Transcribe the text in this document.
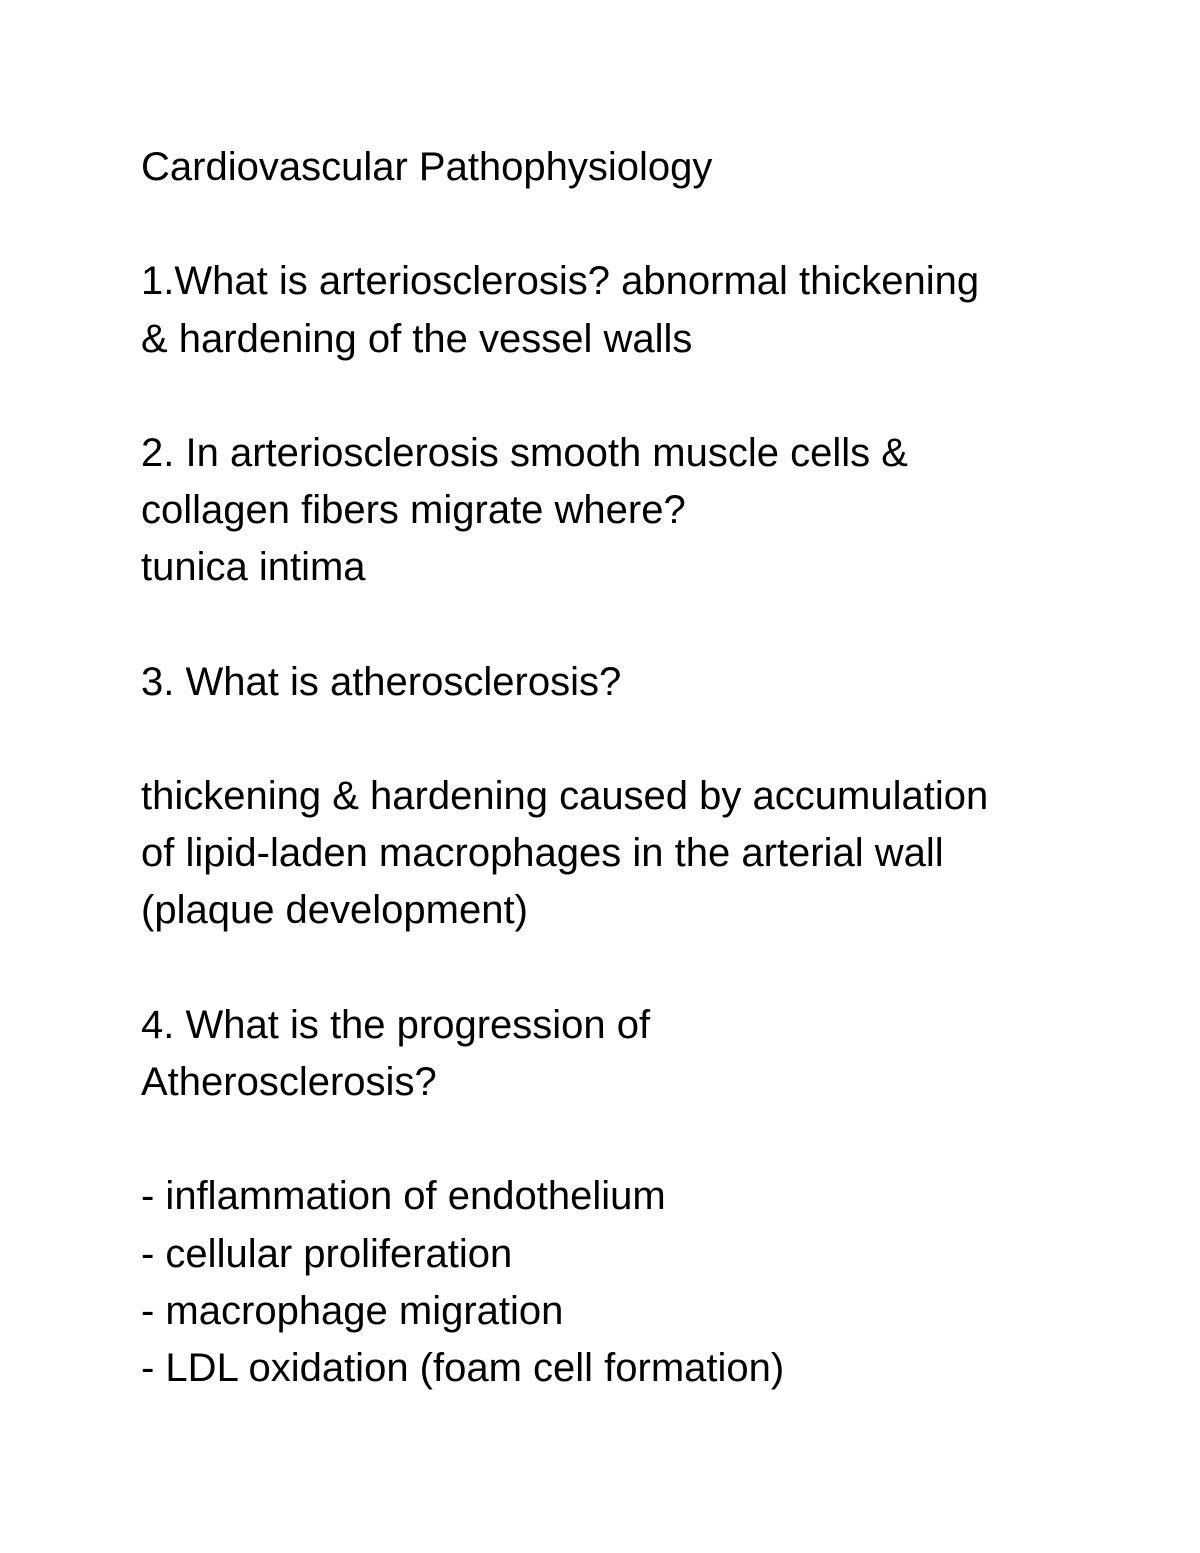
Cardiovascular Pathophysiology
1.What is arteriosclerosis? abnormal thickening
& hardening of the vessel walls
2. In arteriosclerosis smooth muscle cells &
collagen fibers migrate where?
tunica intima
3. What is atherosclerosis?
thickening & hardening caused by accumulation
of lipid-laden macrophages in the arterial wall
(plaque development)
4. What is the progression of
Atherosclerosis?
- inflammation of endothelium
- cellular proliferation
- macrophage migration
- LDL oxidation (foam cell formation)
